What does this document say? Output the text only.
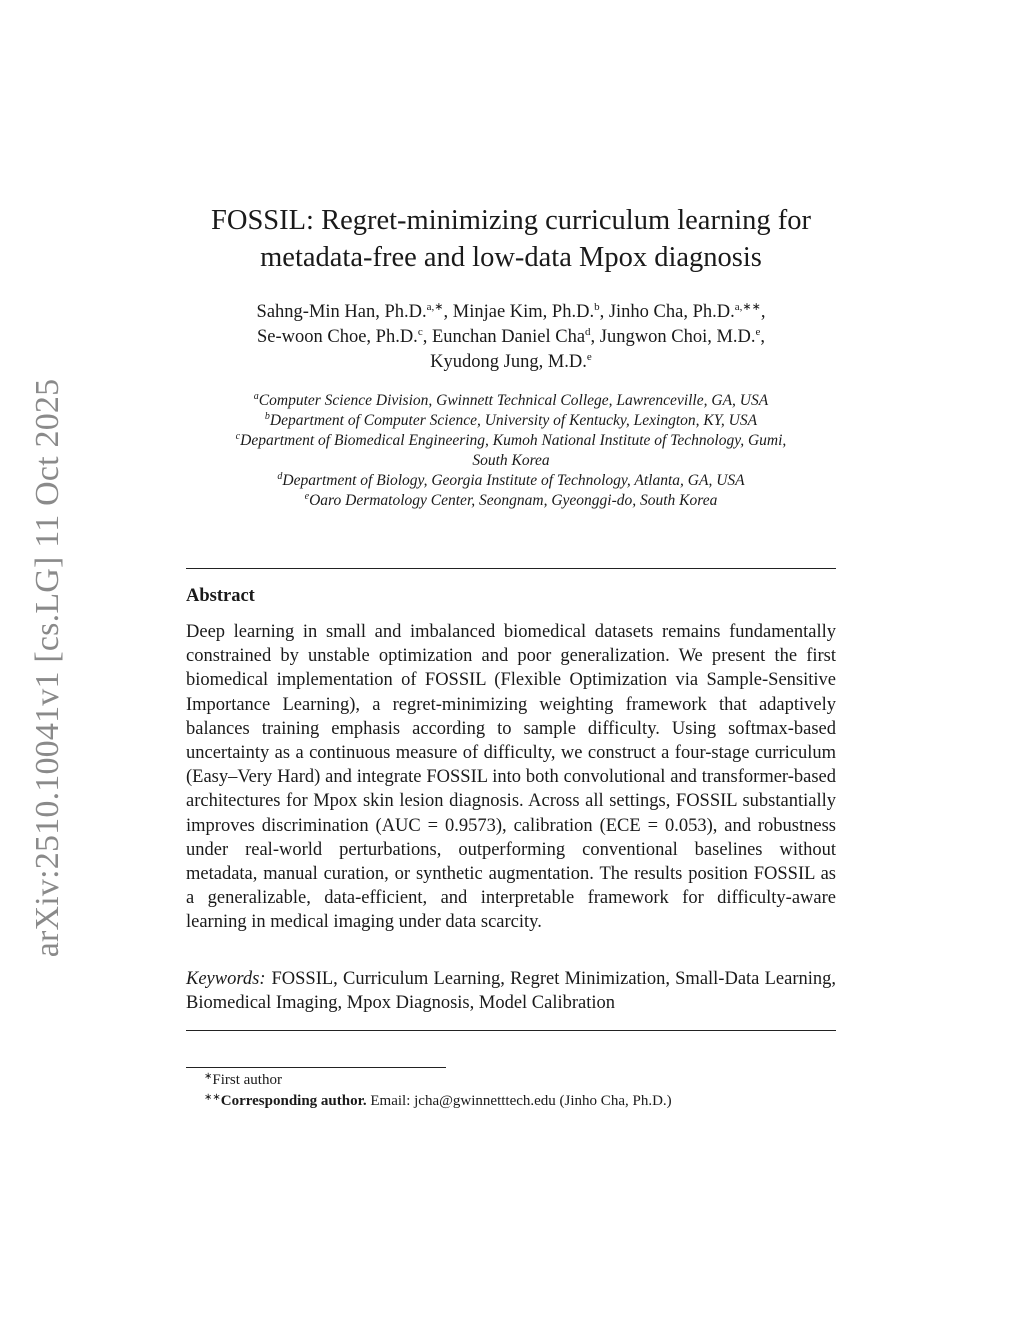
arXiv:2510.10041v1 [cs.LG] 11 Oct 2025
FOSSIL: Regret-minimizing curriculum learning for
metadata-free and low-data Mpox diagnosis
Sahng-Min Han, Ph.D.$^{a,∗}$, Minjae Kim, Ph.D.$^b$, Jinho Cha, Ph.D.$^{a,∗∗}$,
Se-woon Choe, Ph.D.$^c$, Eunchan Daniel Cha$^d$, Jungwon Choi, M.D.$^e$,
Kyudong Jung, M.D.$^e$
$^a$Computer Science Division, Gwinnett Technical College, Lawrenceville, GA, USA
$^b$Department of Computer Science, University of Kentucky, Lexington, KY, USA
$^c$Department of Biomedical Engineering, Kumoh National Institute of Technology, Gumi,
South Korea
$^d$Department of Biology, Georgia Institute of Technology, Atlanta, GA, USA
$^e$Oaro Dermatology Center, Seongnam, Gyeonggi-do, South Korea
Abstract

Deep learning in small and imbalanced biomedical datasets remains fundamentally constrained by unstable optimization and poor generalization. We present the first biomedical implementation of FOSSIL (Flexible Optimization via Sample-Sensitive Importance Learning), a regret-minimizing weighting framework that adaptively balances training emphasis according to sample difficulty. Using softmax-based uncertainty as a continuous measure of difficulty, we construct a four-stage curriculum (Easy–Very Hard) and integrate FOSSIL into both convolutional and transformer-based architectures for Mpox skin lesion diagnosis. Across all settings, FOSSIL substantially improves discrimination (AUC = 0.9573), calibration (ECE = 0.053), and robustness under real-world perturbations, outperforming conventional baselines without metadata, manual curation, or synthetic augmentation. The results position FOSSIL as a generalizable, data-efficient, and interpretable framework for difficulty-aware learning in medical imaging under data scarcity.

Keywords: FOSSIL, Curriculum Learning, Regret Minimization, Small-Data Learning, Biomedical Imaging, Mpox Diagnosis, Model Calibration

∗First author
∗∗Corresponding author. Email: jcha@gwinnetttech.edu (Jinho Cha, Ph.D.)
